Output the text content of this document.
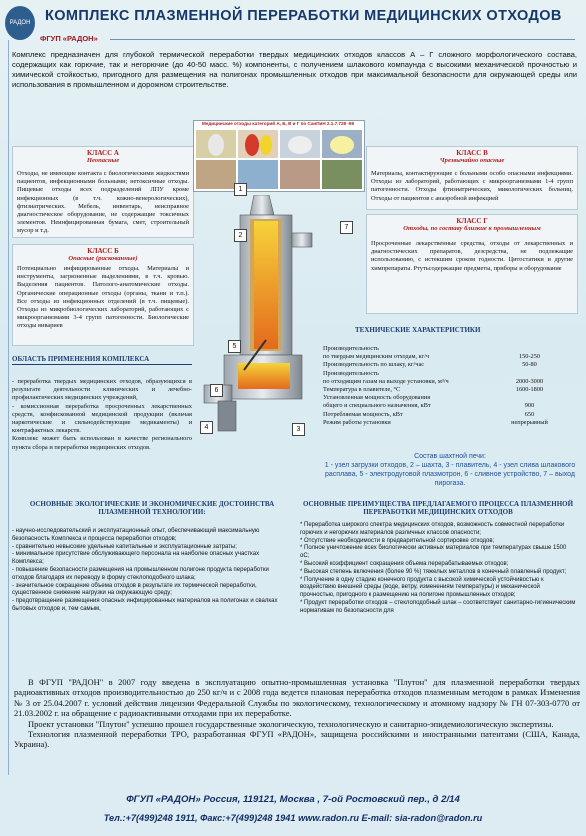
РАДОН КОМПЛЕКС ПЛАЗМЕННОЙ ПЕРЕРАБОТКИ МЕДИЦИНСКИХ ОТХОДОВ
ФГУП «РАДОН»
Комплекс предназначен для глубокой термической переработки твердых медицинских отходов классов А – Г сложного морфологического состава, содержащих как горючие, так и негорючие (до 40-50 масс. %) компоненты, с получением шлакового компаунда с высокими механической прочностью и химической стойкостью, пригодного для размещения на полигонах промышленных отходов при максимальной безопасности для окружающей среды или использования в промышленном и дорожном строительстве.
КЛАСС А
Неопасные
Отходы, не имеющие контакта с биологическими жидкостями пациентов, инфекционными больными; нетоксичные отходы. Пищевые отходы всех подразделений ЛПУ кроме инфекционных (в т.ч. кожно-венерологических), фтизиатрических. Мебель, инвентарь, неисправное диагностическое оборудование, не содержащие токсичных элементов. Неинфицированная бумага, смет, строительный мусор и т.д.
КЛАСС Б
Опасные (рискованные)
Потенциально инфицированные отходы. Материалы и инструменты, загрязненные выделениями, в т.ч. кровью. Выделения пациентов. Патолого-анатомические отходы. Органические операционные отходы (органы, ткани и т.п.). Все отходы из инфекционных отделений (в т.ч. пищевые). Отходы из микробиологических лабораторий, работающих с микроорганизмами 3-4 групп патогенности. Биологические отходы вивариев
ОБЛАСТЬ ПРИМЕНЕНИЯ КОМПЛЕКСА
- переработка твердых медицинских отходов, образующихся в результате деятельности клинических и лечебно-профилактических медицинских учреждений,
- комиссионная переработка просроченных лекарственных средств, конфискованной медицинской продукции (вкльчая наркотические и сильнодействующие медикаменты) и контрафактных лекарств.
Комплекс может быть использован в качестве регионального пункта сбора и переработки медицинских отходов.
Медицинские отходы категорий А, Б, В и Г по СанПиН 2.1.7.728 -99
КЛАСС В
Чрезвычайно опасные
Материалы, контактирующие с больными особо опасными инфекциями. Отходы из лабораторий, работающих с микроорганизмами 1-4 групп патогенности. Отходы фтизиатрических, микологических больниц. Отходы от пациентов с анаэробной инфекцией
КЛАСС Г
Отходы, по составу близкие к промышленным
Просроченные лекарственные средства, отходы от лекарственных и диагностических препаратов, дезсредства, не подлежащие использованию, с истекшим сроком годности. Цитостатики и другие химпрепараты. Ртутьсодержащие предметы, приборы и оборудование
1
2
3
4
5
6
7
ТЕХНИЧЕСКИЕ ХАРАКТЕРИСТИКИ
Производительность
по твердым медицинским отходам, кг/ч	150-250
Производительность по шлаку, кг/час	50-80
Производительность
по отходящим газам на выходе установки, м³/ч	2000-3000
Температура в плавителе, °С	1600-1800
Установленная мощность оборудования
общего и специального назначения, кВт	900
Потребляемая мощность, кВт	650
Режим работы установки	непрерывный
Состав шахтной печи:
1 - узел загрузки отходов, 2 – шахта, 3 - плавитель, 4 - узел слива шлакового расплава, 5 - электродуговой плазмотрон, 6 - сливное устройство, 7 – выход пирогаза.
ОСНОВНЫЕ ЭКОЛОГИЧЕСКИЕ И ЭКОНОМИЧЕСКИЕ ДОСТОИНСТВА ПЛАЗМЕННОЙ ТЕХНОЛОГИИ:
- научно-исследовательский и эксплуатационный опыт, обеспечивающий максимальную безопасность Комплекса и процесса переработки отходов;
- сравнительно невысокие удельные капитальные и эксплуатационные затраты;
- минимальное присутствие обслуживающего персонала на наиболее опасных участках Комплекса;
- повышение безопасности размещения на промышленном полигоне продукта переработки отходов благодаря их переводу в форму стеклоподобного шлака;
- значительное сокращение объема отходов в результате их термической переработки, существенное снижение нагрузки на окружающую среду;
- предотвращение размещения опасных инфицированных материалов на полигонах и свалках бытовых отходов и, тем самым,
ОСНОВНЫЕ ПРЕИМУЩЕСТВА ПРЕДЛАГАЕМОГО ПРОЦЕССА ПЛАЗМЕННОЙ ПЕРЕРАБОТКИ МЕДИЦИНСКИХ ОТХОДОВ
* Переработка широкого спектра медицинских отходов, возможность совместной переработки горючих и негорючих материалов различных классов опасности;
* Отсутствие необходимости в предварительной сортировке отходов;
* Полное уничтожение всех биологически активных материалов при температурах свыше 1500 оС;
* Высокий коэффициент сокращения объема перерабатываемых отходов;
* Высокая степень включения (более 90 %) тяжелых металлов в конечный плавленый продукт;
* Получение в одну стадию конечного продукта с высокой химической устойчивостью к воздействию внешней среды (воде, ветру, изменениям температуры) и механической прочностью, пригодного к размещению на полигоне промышленных отходов;
* Продукт переработки отходов – стеклоподобный шлак – соответствует санитарно-гигиеническим нормативам по безопасности для
В ФГУП "РАДОН" в 2007 году введена в эксплуатацию опытно-промышленная установка "Плутон" для плазменной переработки твердых радиоактивных отходов производительностью до 250 кг/ч и с 2008 года ведется плановая переработка отходов плазменным методом в рамках Изменения № 3 от 25.04.2007 г. условий действия лицензии Федеральной Службы по экологическому, технологическому и атомному надзору № ГН 07-303-0770 от 21.03.2002 г. на обращение с радиоактивными отходами при их переработке.
Проект установки "Плутон" успешно прошел государственные экологическую, технологическую и санитарно-эпидемиологическую экспертизы.
Технология плазменной переработки ТРО, разработанная ФГУП «РАДОН», защищена российскими и иностранными патентами (США, Канада, Украина).
ФГУП «РАДОН» Россия, 119121, Москва , 7-ой Ростовский пер., д 2/14
Тел.:+7(499)248 1911, Факс:+7(499)248 1941 www.radon.ru E-mail: sia-radon@radon.ru
